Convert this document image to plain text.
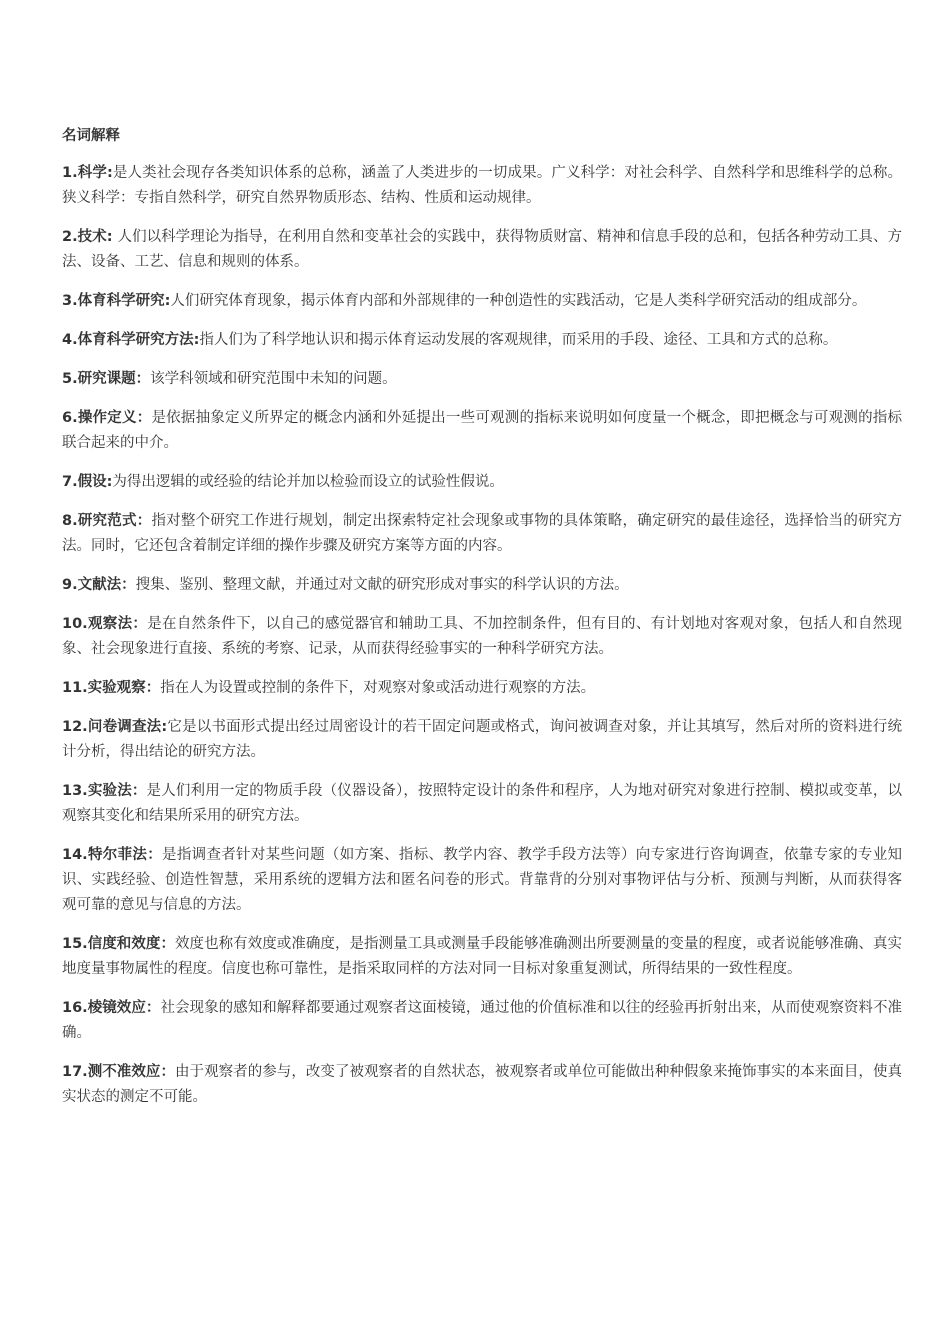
名词解释

1.科学:是人类社会现存各类知识体系的总称，涵盖了人类进步的一切成果。广义科学：对社会科学、自然科学和思维科学的总称。 狭义科学：专指自然科学，研究自然界物质形态、结构、性质和运动规律。

2.技术: 人们以科学理论为指导，在利用自然和变革社会的实践中，获得物质财富、精神和信息手段的总和，包括各种劳动工具、方法、设备、工艺、信息和规则的体系。

3.体育科学研究:人们研究体育现象，揭示体育内部和外部规律的一种创造性的实践活动，它是人类科学研究活动的组成部分。

4.体育科学研究方法:指人们为了科学地认识和揭示体育运动发展的客观规律，而采用的手段、途径、工具和方式的总称。

5.研究课题：该学科领域和研究范围中未知的问题。

6.操作定义：是依据抽象定义所界定的概念内涵和外延提出一些可观测的指标来说明如何度量一个概念，即把概念与可观测的指标联合起来的中介。

7.假设:为得出逻辑的或经验的结论并加以检验而设立的试验性假说。

8.研究范式：指对整个研究工作进行规划，制定出探索特定社会现象或事物的具体策略，确定研究的最佳途径，选择恰当的研究方法。同时，它还包含着制定详细的操作步骤及研究方案等方面的内容。

9.文献法：搜集、鉴别、整理文献，并通过对文献的研究形成对事实的科学认识的方法。

10.观察法：是在自然条件下，以自己的感觉器官和辅助工具、不加控制条件，但有目的、有计划地对客观对象，包括人和自然现象、社会现象进行直接、系统的考察、记录，从而获得经验事实的一种科学研究方法。

11.实验观察：指在人为设置或控制的条件下，对观察对象或活动进行观察的方法。

12.问卷调查法:它是以书面形式提出经过周密设计的若干固定问题或格式，询问被调查对象，并让其填写，然后对所的资料进行统计分析，得出结论的研究方法。

13.实验法：是人们利用一定的物质手段（仪器设备），按照特定设计的条件和程序，人为地对研究对象进行控制、模拟或变革，以观察其变化和结果所采用的研究方法。

14.特尔菲法：是指调查者针对某些问题（如方案、指标、教学内容、教学手段方法等）向专家进行咨询调查，依靠专家的专业知识、实践经验、创造性智慧，采用系统的逻辑方法和匿名问卷的形式。背靠背的分别对事物评估与分析、预测与判断，从而获得客观可靠的意见与信息的方法。

15.信度和效度：效度也称有效度或准确度，是指测量工具或测量手段能够准确测出所要测量的变量的程度，或者说能够准确、真实地度量事物属性的程度。信度也称可靠性，是指采取同样的方法对同一目标对象重复测试，所得结果的一致性程度。

16.棱镜效应：社会现象的感知和解释都要通过观察者这面棱镜，通过他的价值标准和以往的经验再折射出来，从而使观察资料不准确。

17.测不准效应：由于观察者的参与，改变了被观察者的自然状态，被观察者或单位可能做出种种假象来掩饰事实的本来面目，使真实状态的测定不可能。
